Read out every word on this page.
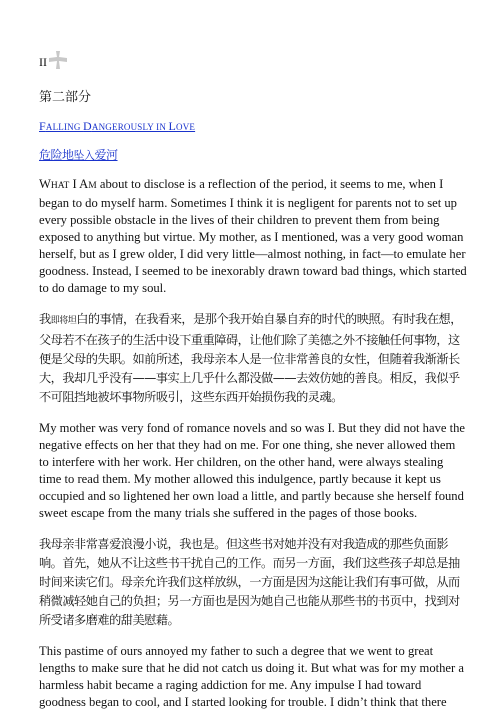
II
第二部分
FALLING DANGEROUSLY IN LOVE
危险地坠入爱河

WHAT I AM about to disclose is a reflection of the period, it seems to me, when I began to do myself harm. Sometimes I think it is negligent for parents not to set up every possible obstacle in the lives of their children to prevent them from being exposed to anything but virtue. My mother, as I mentioned, was a very good woman herself, but as I grew older, I did very little—almost nothing, in fact—to emulate her goodness. Instead, I seemed to be inexorably drawn toward bad things, which started to do damage to my soul.

我即将坦白的事情，在我看来，是那个我开始自暴自弃的时代的映照。有时我在想，父母若不在孩子的生活中设下重重障碍，让他们除了美德之外不接触任何事物，这便是父母的失职。如前所述，我母亲本人是一位非常善良的女性，但随着我渐渐长大，我却几乎没有——事实上几乎什么都没做——去效仿她的善良。相反，我似乎不可阻挡地被坏事物所吸引，这些东西开始损伤我的灵魂。

My mother was very fond of romance novels and so was I. But they did not have the negative effects on her that they had on me. For one thing, she never allowed them to interfere with her work. Her children, on the other hand, were always stealing time to read them. My mother allowed this indulgence, partly because it kept us occupied and so lightened her own load a little, and partly because she herself found sweet escape from the many trials she suffered in the pages of those books.

我母亲非常喜爱浪漫小说，我也是。但这些书对她并没有对我造成的那些负面影响。首先，她从不让这些书干扰自己的工作。而另一方面，我们这些孩子却总是抽时间来读它们。母亲允许我们这样放纵，一方面是因为这能让我们有事可做，从而稍微减轻她自己的负担；另一方面也是因为她自己也能从那些书的书页中，找到对所受诸多磨难的甜美慰藉。

This pastime of ours annoyed my father to such a degree that we went to great lengths to make sure that he did not catch us doing it. But what was for my mother a harmless habit became a raging addiction for me. Any impulse I had toward goodness began to cool, and I started looking for trouble. I didn’t think that there
